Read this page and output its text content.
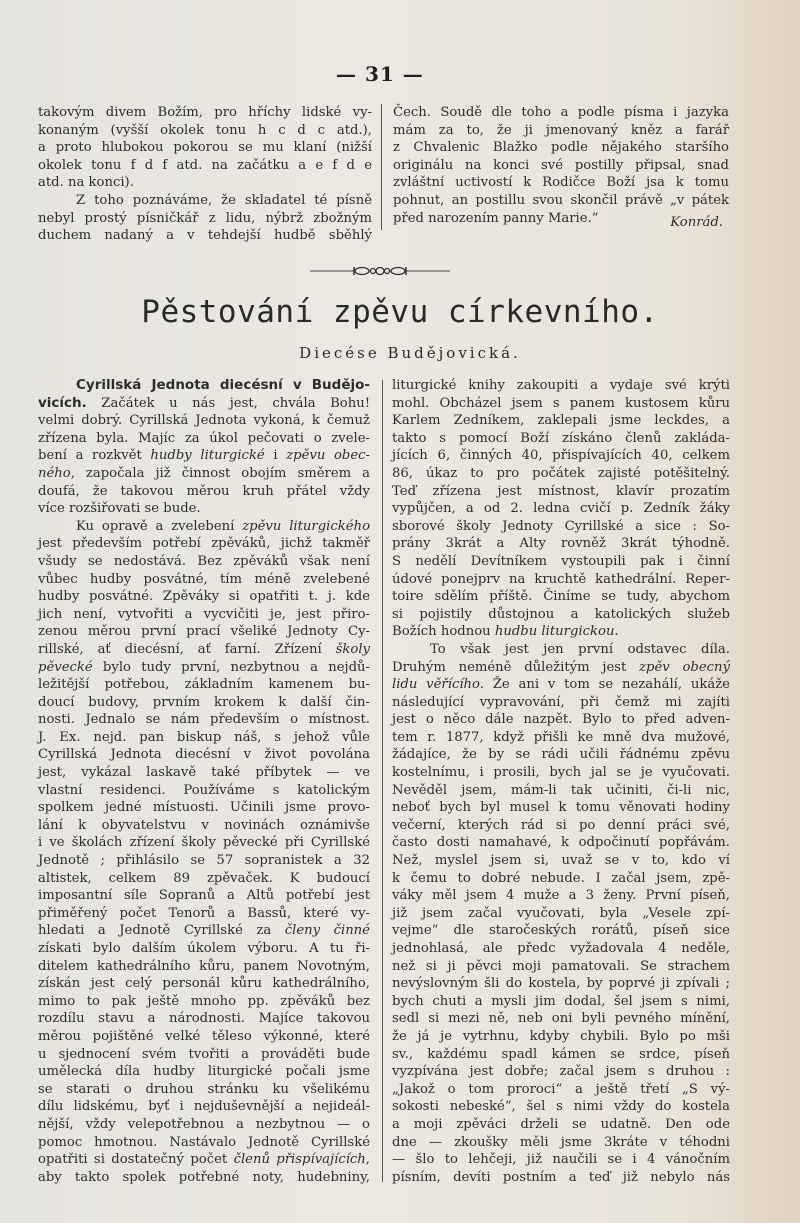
— 31 —
takovým divem Božím, pro hříchy lidské vy-
konaným (vyšší okolek tonu h c d c atd.),
a proto hlubokou pokorou se mu klaní (nižší
okolek tonu f d f atd. na začátku a e f d e
atd. na konci).
Z toho poznáváme, že skladatel té písně
nebyl prostý písničkář z lidu, nýbrž zbožným
duchem nadaný a v tehdejší hudbě sběhlý
Čech. Soudě dle toho a podle písma i jazyka
mám za to, že ji jmenovaný kněz a farář
z Chvalenic Blažko podle nějakého staršího
originálu na konci své postilly připsal, snad
zvláštní uctivostí k Rodičce Boží jsa k tomu
pohnut, an postillu svou skončil právě „v pátek
před narozením panny Marie.“	Konrád.
Pěstování zpěvu církevního.
Diecése Budějovická.
Cyrillská Jednota diecésní v Budějo-
vicích. Začátek u nás jest, chvála Bohu!
velmi dobrý. Cyrillská Jednota vykoná, k čemuž
zřízena byla. Majíc za úkol pečovati o zvele-
bení a rozkvět hudby liturgické i zpěvu obec-
ného, započala již činnost obojím směrem a
doufá, že takovou měrou kruh přátel vždy
více rozšiřovati se bude.
Ku opravě a zvelebení zpěvu liturgického
jest především potřebí zpěváků, jichž takměř
všudy se nedostává. Bez zpěváků však není
vůbec hudby posvátné, tím méně zvelebené
hudby posvátné. Zpěváky si opatřiti t. j. kde
jich není, vytvořiti a vycvičiti je, jest přiro-
zenou měrou první prací všeliké Jednoty Cy-
rillské, ať diecésní, ať farní. Zřízení školy
pěvecké bylo tudy první, nezbytnou a nejdů-
ležitější potřebou, základním kamenem bu-
doucí budovy, prvním krokem k další čin-
nosti. Jednalo se nám především o místnost.
J. Ex. nejd. pan biskup náš, s jehož vůle
Cyrillská Jednota diecésní v život povolána
jest, vykázal laskavě také příbytek — ve
vlastní residenci. Používáme s katolickým
spolkem jedné místuosti. Učinili jsme provo-
lání k obyvatelstvu v novinách oznámivše
i ve školách zřízení školy pěvecké při Cyrillské
Jednotě ; přihlásilo se 57 sopranistek a 32
altistek, celkem 89 zpěvaček. K budoucí
imposantní síle Sopranů a Altů potřebí jest
přiměřený počet Tenorů a Bassů, které vy-
hledati a Jednotě Cyrillské za členy činné
získati bylo dalším úkolem výboru. A tu ři-
ditelem kathedrálního kůru, panem Novotným,
získán jest celý personál kůru kathedrálního,
mimo to pak ještě mnoho pp. zpěváků bez
rozdílu stavu a národnosti. Majíce takovou
měrou pojištěné velké těleso výkonné, které
u sjednocení svém tvořiti a prováděti bude
umělecká díla hudby liturgické počali jsme
se starati o druhou stránku ku všelikému
dílu lidskému, byť i nejduševnější a nejideál-
nější, vždy velepotřebnou a nezbytnou — o
pomoc hmotnou. Nastávalo Jednotě Cyrillské
opatřiti si dostatečný počet členů přispívajících,
aby takto spolek potřebné noty, hudebniny,
liturgické knihy zakoupiti a vydaje své krýti
mohl. Obcházel jsem s panem kustosem kůru
Karlem Zedníkem, zaklepali jsme leckdes, a
takto s pomocí Boží získáno členů zakláda-
jících 6, činných 40, přispívajících 40, celkem
86, úkaz to pro počátek zajisté potěšitelný.
Teď zřízena jest místnost, klavír prozatím
vypůjčen, a od 2. ledna cvičí p. Zedník žáky
sborové školy Jednoty Cyrillské a sice : So-
prány 3krát a Alty rovněž 3krát týhodně.
S nedělí Devítníkem vystoupili pak i činní
údové ponejprv na kruchtě kathedrální. Reper-
toire sdělím příště. Činíme se tudy, abychom
si pojistily důstojnou a katolických služeb
Božích hodnou hudbu liturgickou.
To však jest jen první odstavec díla.
Druhým neméně důležitým jest zpěv obecný
lidu věřícího. Že ani v tom se nezahálí, ukáže
následující vypravování, při čemž mi zajíti
jest o něco dále nazpět. Bylo to před adven-
tem r. 1877, když přišli ke mně dva mužové,
žádajíce, že by se rádi učili řádnému zpěvu
kostelnímu, i prosili, bych jal se je vyučovati.
Nevěděl jsem, mám-li tak učiniti, či-li nic,
neboť bych byl musel k tomu věnovati hodiny
večerní, kterých rád si po denní práci své,
často dosti namahavé, k odpočinutí popřávám.
Než, myslel jsem si, uvaž se v to, kdo ví
k čemu to dobré nebude. I začal jsem, zpě-
váky měl jsem 4 muže a 3 ženy. První píseň,
již jsem začal vyučovati, byla „Vesele zpí-
vejme“ dle staročeských rorátů, píseň sice
jednohlasá, ale předc vyžadovala 4 neděle,
než si ji pěvci moji pamatovali. Se strachem
nevýslovným šli do kostela, by poprvé ji zpívali ;
bych chuti a mysli jim dodal, šel jsem s nimi,
sedl si mezi ně, neb oni byli pevného mínění,
že já je vytrhnu, kdyby chybili. Bylo po mši
sv., každému spadl kámen se srdce, píseň
vyzpívána jest dobře; začal jsem s druhou :
„Jakož o tom proroci“ a ještě třetí „S vý-
sokosti nebeské“, šel s nimi vždy do kostela
a moji zpěváci drželi se udatně. Den ode
dne — zkoušky měli jsme 3kráte v téhodni
— šlo to lehčeji, již naučili se i 4 vánočním
písním, devíti postním a teď již nebylo nás
